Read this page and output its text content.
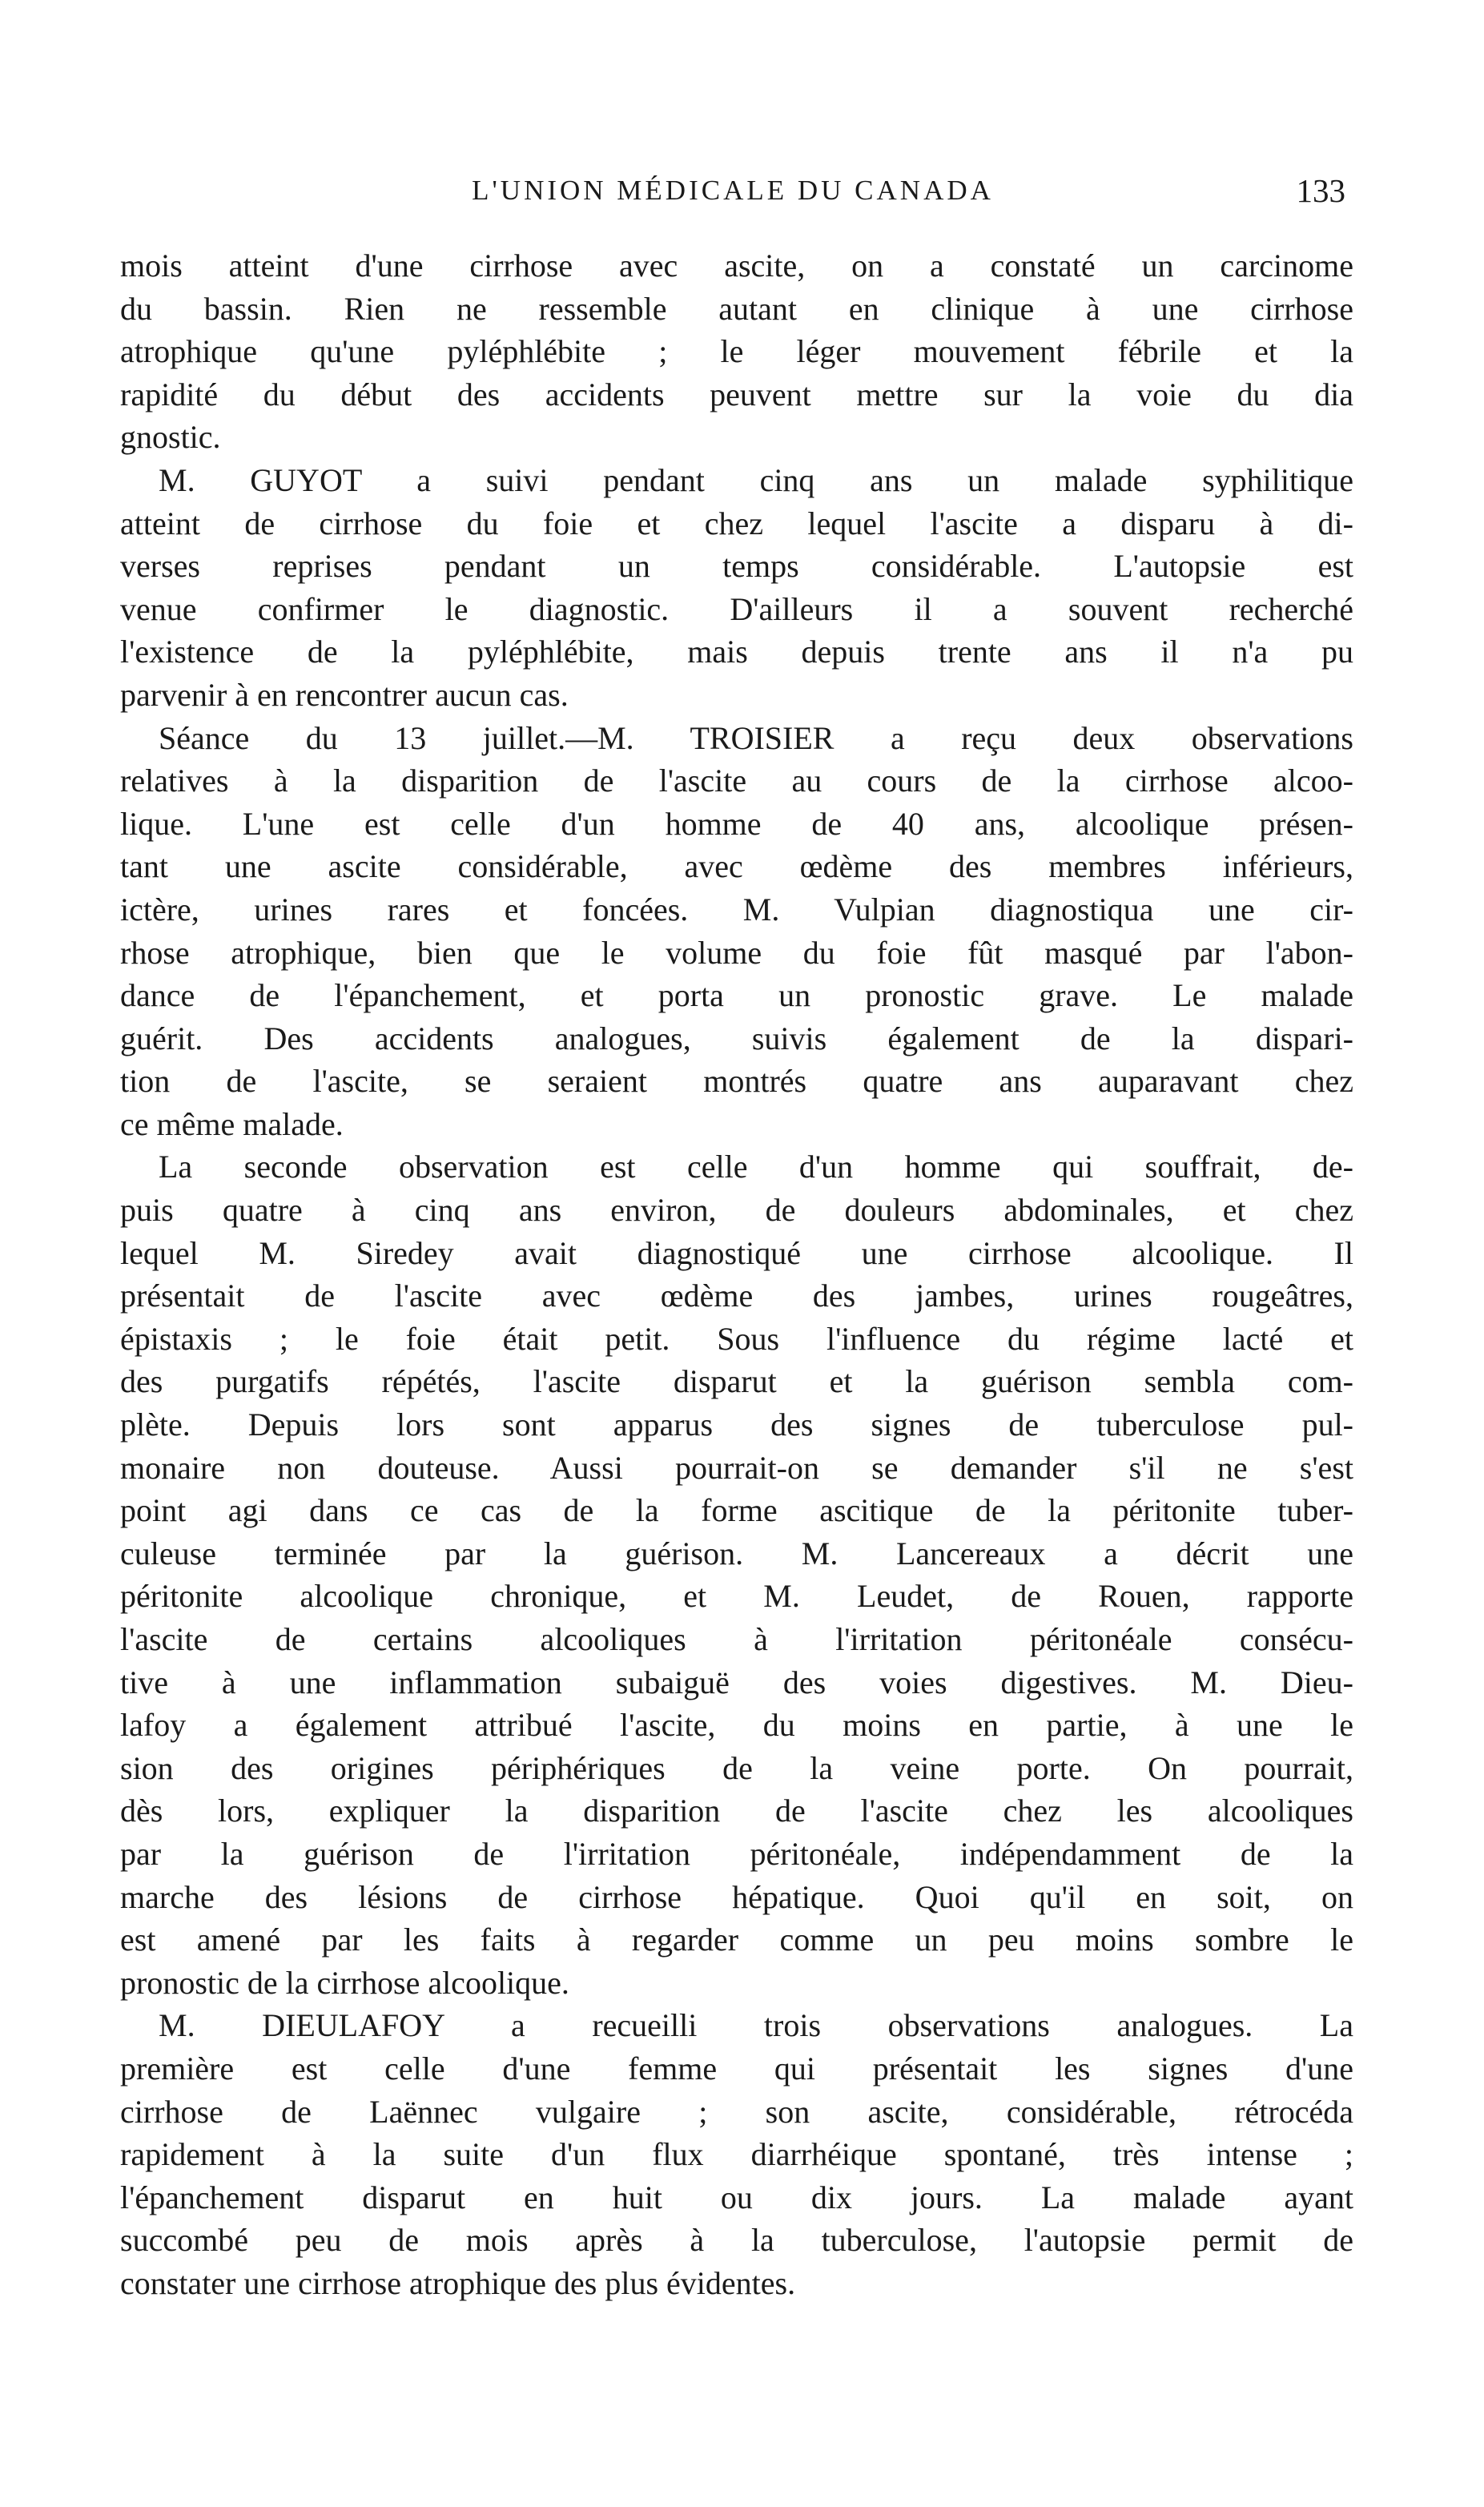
L'UNION MÉDICALE DU CANADA	133
mois atteint d'une cirrhose avec ascite, on a constaté un carcinome
du bassin. Rien ne ressemble autant en clinique à une cirrhose
atrophique qu'une pyléphlébite ; le léger mouvement fébrile et la
rapidité du début des accidents peuvent mettre sur la voie du dia
gnostic.
M. GUYOT a suivi pendant cinq ans un malade syphilitique
atteint de cirrhose du foie et chez lequel l'ascite a disparu à di-
verses reprises pendant un temps considérable. L'autopsie est
venue confirmer le diagnostic. D'ailleurs il a souvent recherché
l'existence de la pyléphlébite, mais depuis trente ans il n'a pu
parvenir à en rencontrer aucun cas.
Séance du 13 juillet.—M. TROISIER a reçu deux observations
relatives à la disparition de l'ascite au cours de la cirrhose alcoo-
lique. L'une est celle d'un homme de 40 ans, alcoolique présen-
tant une ascite considérable, avec œdème des membres inférieurs,
ictère, urines rares et foncées. M. Vulpian diagnostiqua une cir-
rhose atrophique, bien que le volume du foie fût masqué par l'abon-
dance de l'épanchement, et porta un pronostic grave. Le malade
guérit. Des accidents analogues, suivis également de la dispari-
tion de l'ascite, se seraient montrés quatre ans auparavant chez
ce même malade.
La seconde observation est celle d'un homme qui souffrait, de-
puis quatre à cinq ans environ, de douleurs abdominales, et chez
lequel M. Siredey avait diagnostiqué une cirrhose alcoolique. Il
présentait de l'ascite avec œdème des jambes, urines rougeâtres,
épistaxis ; le foie était petit. Sous l'influence du régime lacté et
des purgatifs répétés, l'ascite disparut et la guérison sembla com-
plète. Depuis lors sont apparus des signes de tuberculose pul-
monaire non douteuse. Aussi pourrait-on se demander s'il ne s'est
point agi dans ce cas de la forme ascitique de la péritonite tuber-
culeuse terminée par la guérison. M. Lancereaux a décrit une
péritonite alcoolique chronique, et M. Leudet, de Rouen, rapporte
l'ascite de certains alcooliques à l'irritation péritonéale consécu-
tive à une inflammation subaiguë des voies digestives. M. Dieu-
lafoy a également attribué l'ascite, du moins en partie, à une le
sion des origines périphériques de la veine porte. On pourrait,
dès lors, expliquer la disparition de l'ascite chez les alcooliques
par la guérison de l'irritation péritonéale, indépendamment de la
marche des lésions de cirrhose hépatique. Quoi qu'il en soit, on
est amené par les faits à regarder comme un peu moins sombre le
pronostic de la cirrhose alcoolique.
M. DIEULAFOY a recueilli trois observations analogues. La
première est celle d'une femme qui présentait les signes d'une
cirrhose de Laënnec vulgaire ; son ascite, considérable, rétrocéda
rapidement à la suite d'un flux diarrhéique spontané, très intense ;
l'épanchement disparut en huit ou dix jours. La malade ayant
succombé peu de mois après à la tuberculose, l'autopsie permit de
constater une cirrhose atrophique des plus évidentes.
